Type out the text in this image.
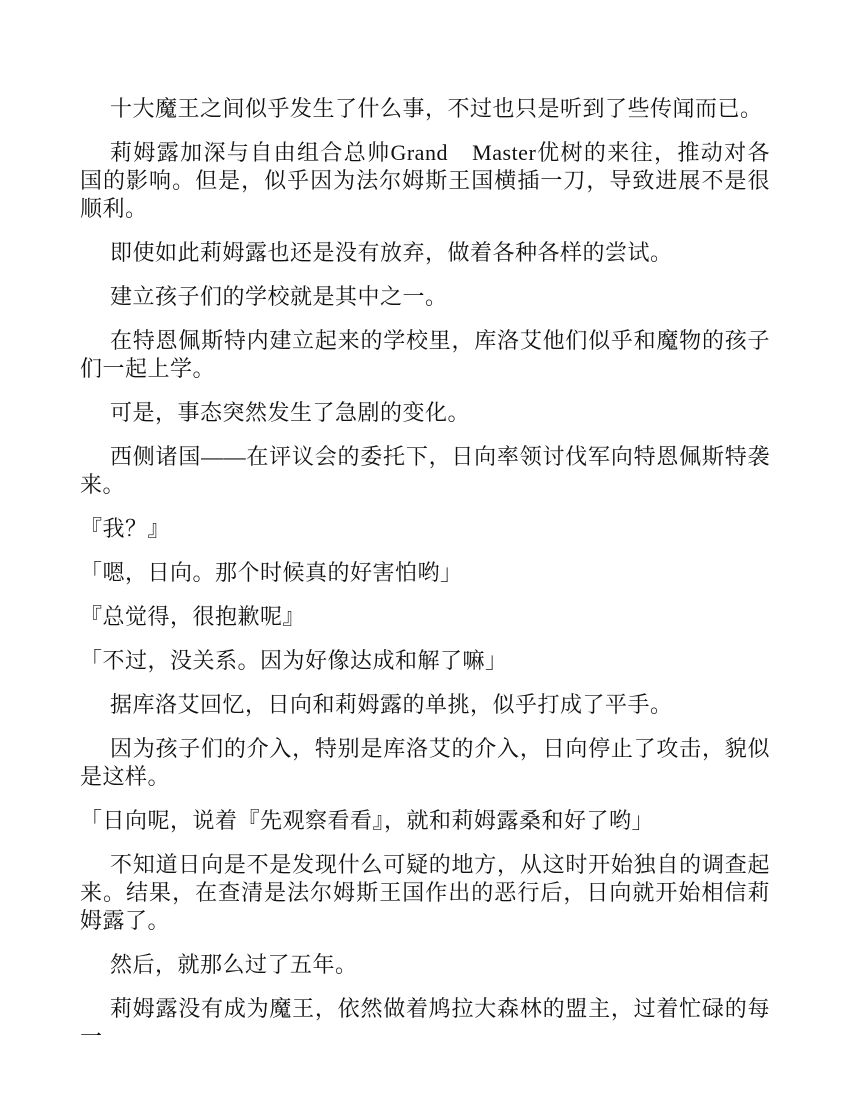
十大魔王之间似乎发生了什么事，不过也只是听到了些传闻而已。

莉姆露加深与自由组合总帅Grand　Master优树的来往，推动对各国的影响。但是，似乎因为法尔姆斯王国横插一刀，导致进展不是很顺利。

即使如此莉姆露也还是没有放弃，做着各种各样的尝试。

建立孩子们的学校就是其中之一。

在特恩佩斯特内建立起来的学校里，库洛艾他们似乎和魔物的孩子们一起上学。

可是，事态突然发生了急剧的变化。

西侧诸国——在评议会的委托下，日向率领讨伐军向特恩佩斯特袭来。

『我？』

「嗯，日向。那个时候真的好害怕哟」

『总觉得，很抱歉呢』

「不过，没关系。因为好像达成和解了嘛」

据库洛艾回忆，日向和莉姆露的单挑，似乎打成了平手。

因为孩子们的介入，特别是库洛艾的介入，日向停止了攻击，貌似是这样。

「日向呢，说着『先观察看看』，就和莉姆露桑和好了哟」

不知道日向是不是发现什么可疑的地方，从这时开始独自的调查起来。结果，在查清是法尔姆斯王国作出的恶行后，日向就开始相信莉姆露了。

然后，就那么过了五年。

莉姆露没有成为魔王，依然做着鸠拉大森林的盟主，过着忙碌的每一
